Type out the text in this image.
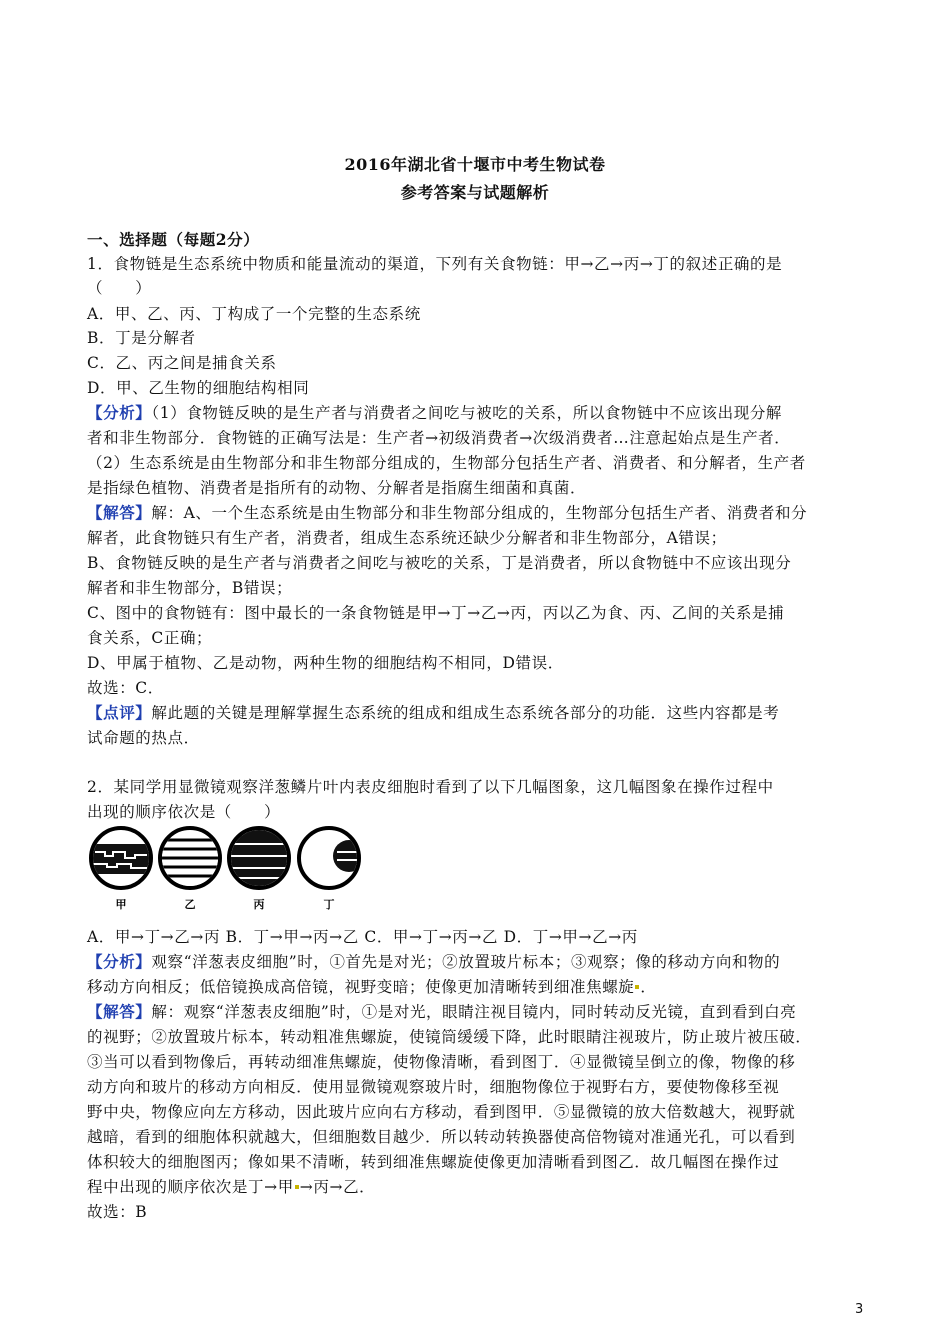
2016年湖北省十堰市中考生物试卷
参考答案与试题解析
一、选择题（每题2分）
1．食物链是生态系统中物质和能量流动的渠道，下列有关食物链：甲→乙→丙→丁的叙述正确的是
（　　）
A．甲、乙、丙、丁构成了一个完整的生态系统
B．丁是分解者
C．乙、丙之间是捕食关系
D．甲、乙生物的细胞结构相同
【分析】（1）食物链反映的是生产者与消费者之间吃与被吃的关系，所以食物链中不应该出现分解
者和非生物部分．食物链的正确写法是：生产者→初级消费者→次级消费者…注意起始点是生产者．
（2）生态系统是由生物部分和非生物部分组成的，生物部分包括生产者、消费者、和分解者，生产者
是指绿色植物、消费者是指所有的动物、分解者是指腐生细菌和真菌．
【解答】解：A、一个生态系统是由生物部分和非生物部分组成的，生物部分包括生产者、消费者和分
解者，此食物链只有生产者，消费者，组成生态系统还缺少分解者和非生物部分，A错误；
B、食物链反映的是生产者与消费者之间吃与被吃的关系，丁是消费者，所以食物链中不应该出现分
解者和非生物部分，B错误；
C、图中的食物链有：图中最长的一条食物链是甲→丁→乙→丙，丙以乙为食、丙、乙间的关系是捕
食关系，C正确；
D、甲属于植物、乙是动物，两种生物的细胞结构不相同，D错误．
故选：C．
【点评】解此题的关键是理解掌握生态系统的组成和组成生态系统各部分的功能．这些内容都是考
试命题的热点．
2．某同学用显微镜观察洋葱鳞片叶内表皮细胞时看到了以下几幅图象，这几幅图象在操作过程中
出现的顺序依次是（　　）
甲	乙	丙	丁
A．甲→丁→乙→丙 B．丁→甲→丙→乙 C．甲→丁→丙→乙 D．丁→甲→乙→丙
【分析】观察“洋葱表皮细胞”时，①首先是对光；②放置玻片标本；③观察；像的移动方向和物的
移动方向相反；低倍镜换成高倍镜，视野变暗；使像更加清晰转到细准焦螺旋 ．
【解答】解：观察“洋葱表皮细胞”时，①是对光，眼睛注视目镜内，同时转动反光镜，直到看到白亮
的视野；②放置玻片标本，转动粗准焦螺旋，使镜筒缓缓下降，此时眼睛注视玻片，防止玻片被压破．
③当可以看到物像后，再转动细准焦螺旋，使物像清晰，看到图丁．④显微镜呈倒立的像，物像的移
动方向和玻片的移动方向相反．使用显微镜观察玻片时，细胞物像位于视野右方，要使物像移至视
野中央，物像应向左方移动，因此玻片应向右方移动，看到图甲．⑤显微镜的放大倍数越大，视野就
越暗，看到的细胞体积就越大，但细胞数目越少．所以转动转换器使高倍物镜对准通光孔，可以看到
体积较大的细胞图丙；像如果不清晰，转到细准焦螺旋使像更加清晰看到图乙．故几幅图在操作过
程中出现的顺序依次是丁→甲 →丙→乙．
故选：B
3
